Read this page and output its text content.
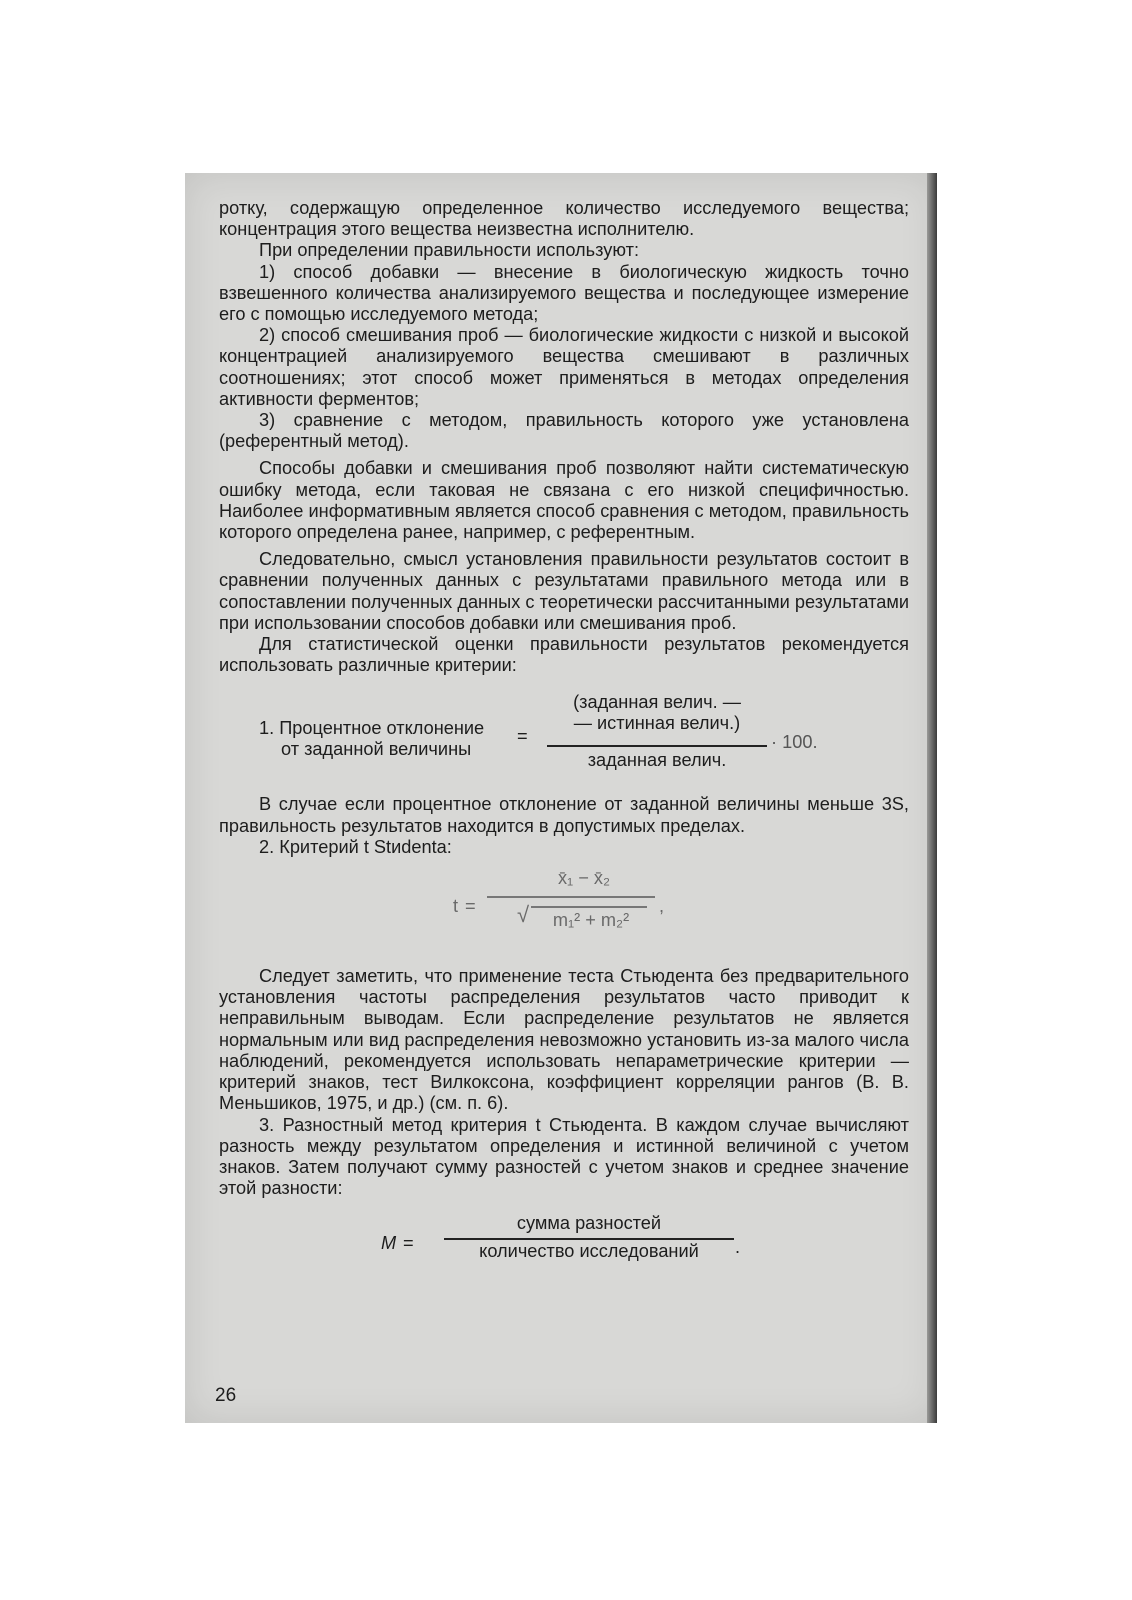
ротку, содержащую определенное количество исследуемого вещества; концентрация этого вещества неизвестна исполнителю.

При определении правильности используют:

1) способ добавки — внесение в биологическую жидкость точно взвешенного количества анализируемого вещества и последующее измерение его с помощью исследуемого метода;

2) способ смешивания проб — биологические жидкости с низкой и высокой концентрацией анализируемого вещества смешивают в различных соотношениях; этот способ может применяться в методах определения активности ферментов;

3) сравнение с методом, правильность которого уже установлена (референтный метод).

Способы добавки и смешивания проб позволяют найти систематическую ошибку метода, если таковая не связана с его низкой специфичностью. Наиболее информативным является способ сравнения с методом, правильность которого определена ранее, например, с референтным.

Следовательно, смысл установления правильности результатов состоит в сравнении полученных данных с результатами правильного метода или в сопоставлении полученных данных с теоретически рассчитанными результатами при использовании способов добавки или смешивания проб.

Для статистической оценки правильности результатов рекомендуется использовать различные критерии:

1. Процентное отклонение
от заданной величины
=
(заданная велич. —
— истинная велич.)
заданная велич.
· 100.

В случае если процентное отклонение от заданной величины меньше 3S, правильность результатов находится в допустимых пределах.

2. Критерий t Stиdenta:

t =
x̄₁ − x̄₂
√	m₁² + m₂²
,

Следует заметить, что применение теста Стьюдента без предварительного установления частоты распределения результатов часто приводит к неправильным выводам. Если распределение результатов не является нормальным или вид распределения невозможно установить из-за малого числа наблюдений, рекомендуется использовать непараметрические критерии — критерий знаков, тест Вилкоксона, коэффициент корреляции рангов (В. В. Меньшиков, 1975, и др.) (см. п. 6).

3. Разностный метод критерия t Стьюдента. В каждом случае вычисляют разность между результатом определения и истинной величиной с учетом знаков. Затем получают сумму разностей с учетом знаков и среднее значение этой разности:

М =
сумма разностей
количество исследований	.
26
